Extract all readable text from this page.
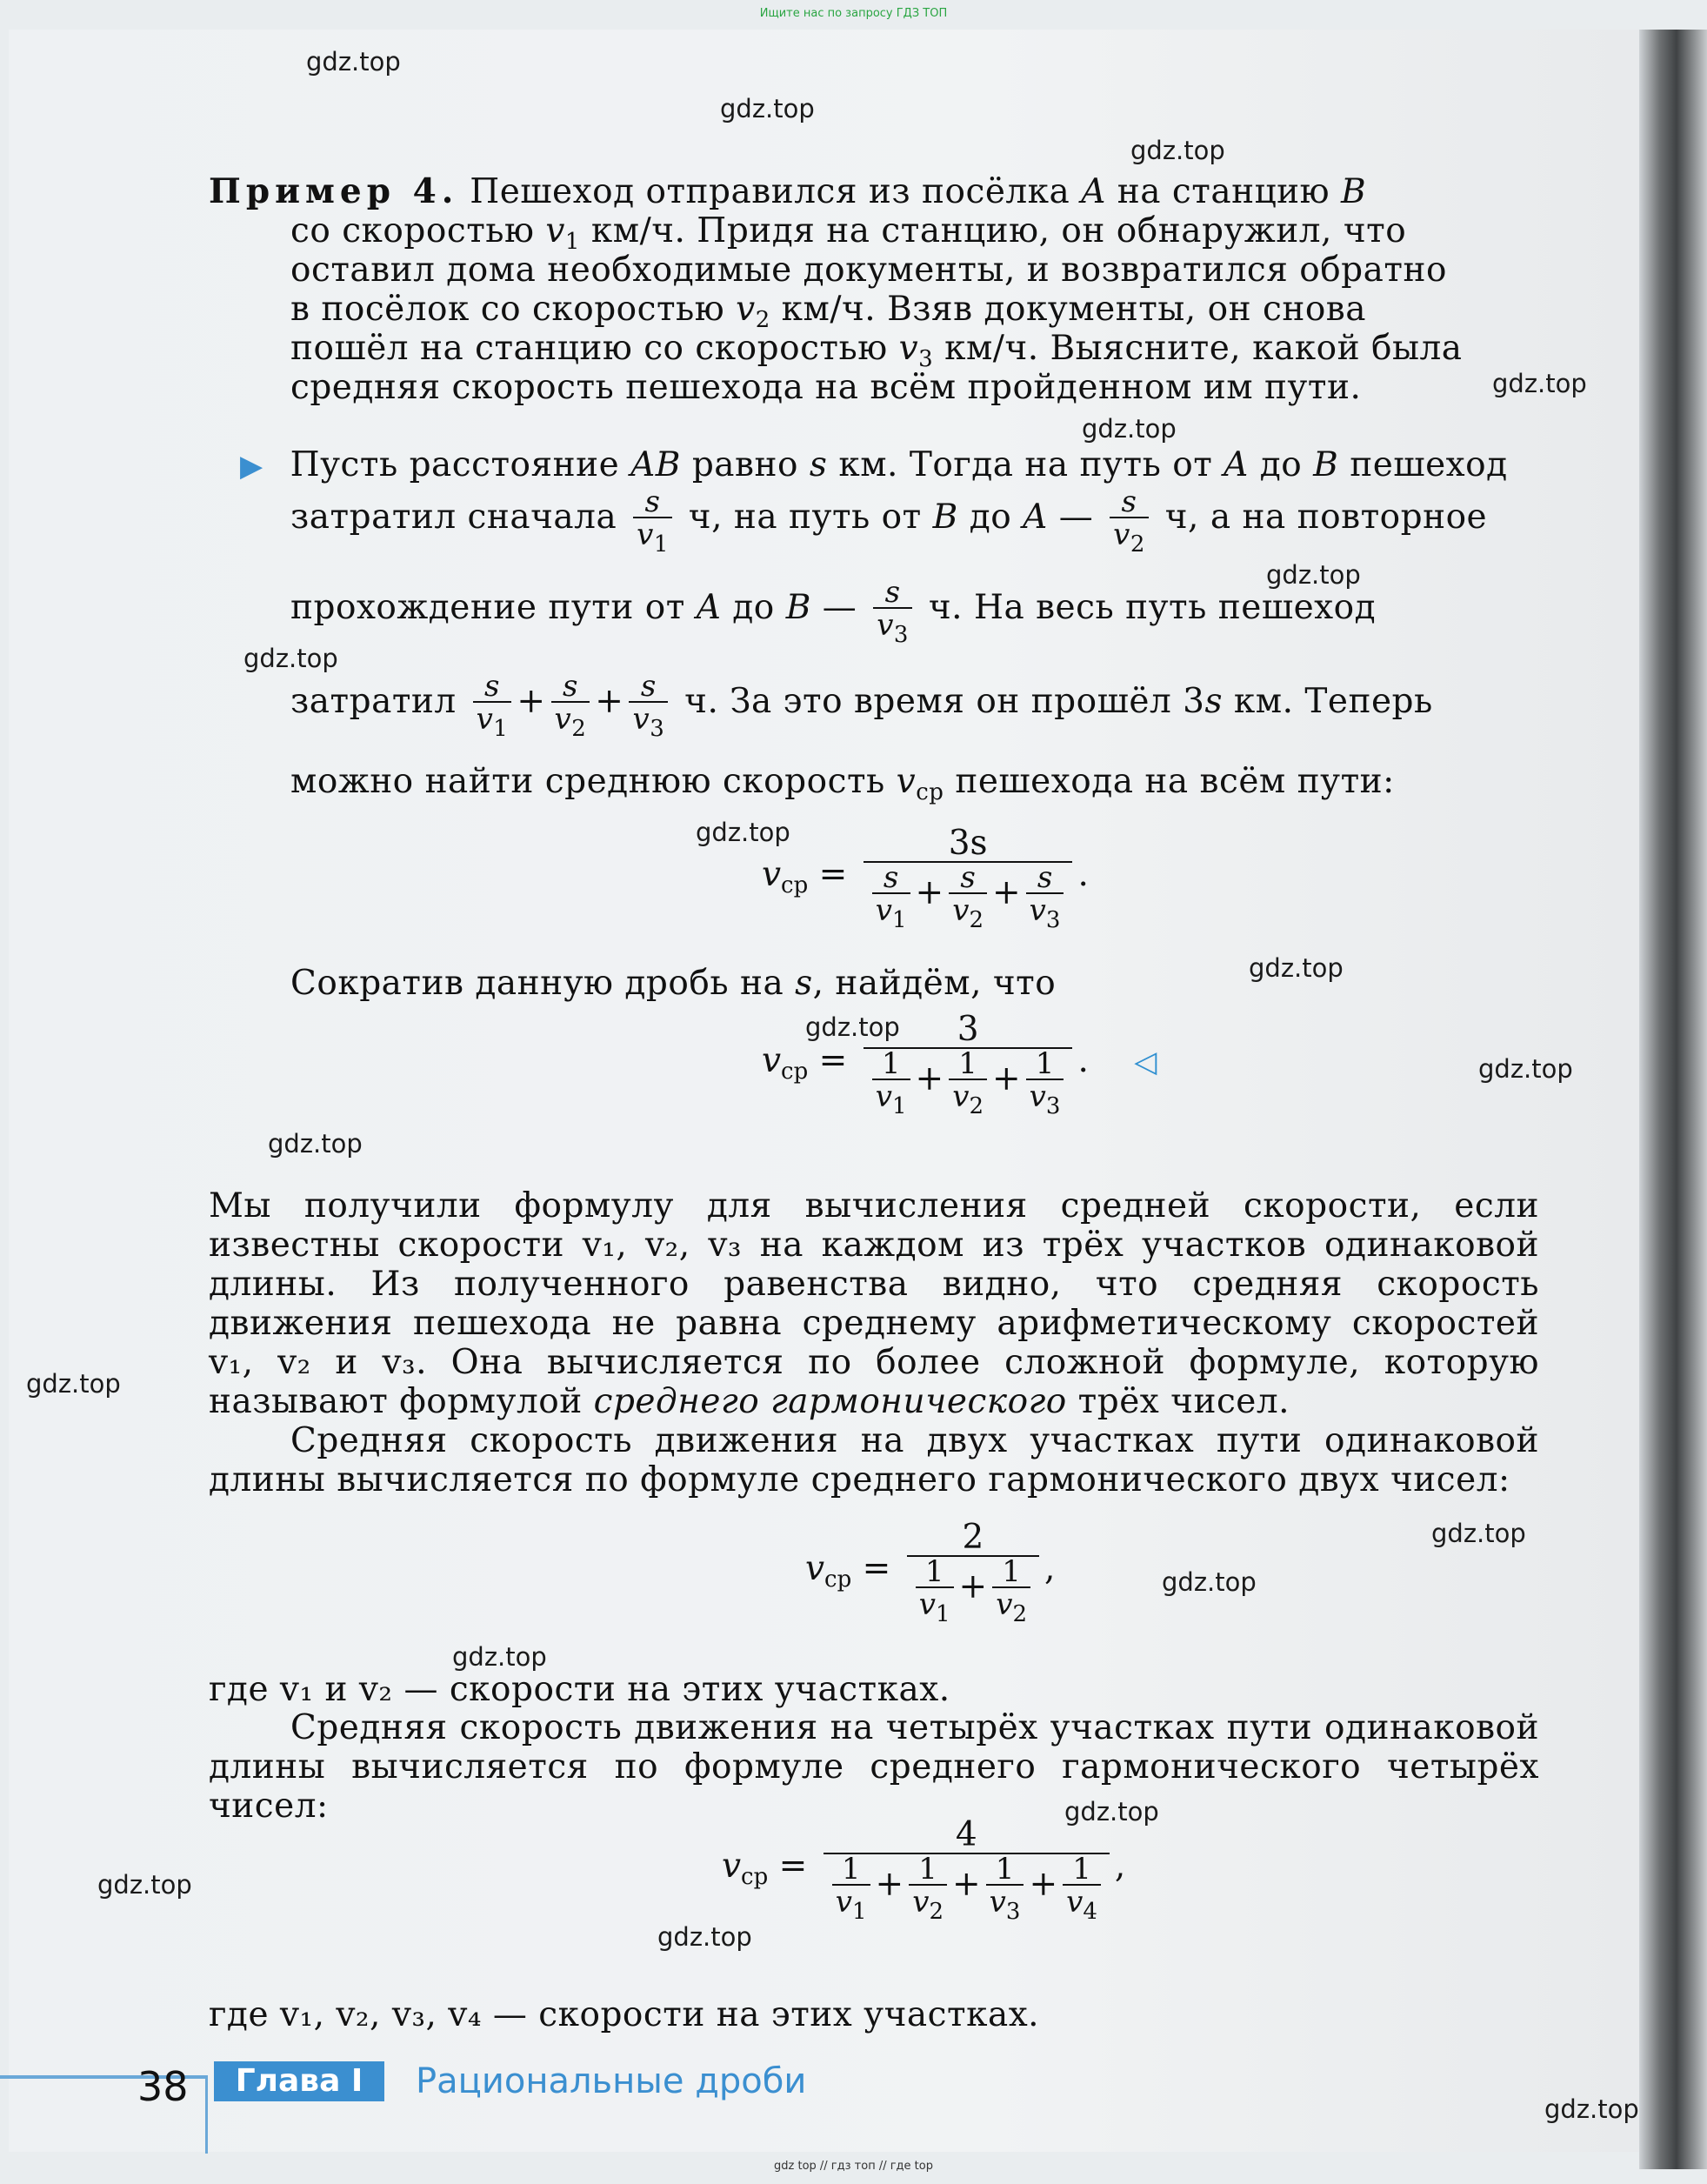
Ищите нас по запросу ГДЗ ТОП
gdz.top
gdz.top
gdz.top
gdz.top
gdz.top
gdz.top
gdz.top
gdz.top
gdz.top
gdz.top
gdz.top
gdz.top
gdz.top
gdz.top
gdz.top
gdz.top
gdz.top
gdz.top
gdz.top
gdz.top
Пример 4. Пешеход отправился из посёлка A на станцию B
со скоростью $v_1$ км/ч. Придя на станцию, он обнаружил, что
оставил дома необходимые документы, и возвратился обратно
в посёлок со скоростью $v_2$ км/ч. Взяв документы, он снова
пошёл на станцию со скоростью $v_3$ км/ч. Выясните, какой была
средняя скорость пешехода на всём пройденном им пути.
▶ Пусть расстояние AB равно s км. Тогда на путь от A до B пешеход
затратил сначала $\frac{s}{v_1} ч$, на путь от B до A — $\frac{s}{v_2} ч$, а на повторное
прохождение пути от A до B — $\frac{s}{v_3} ч$. На весь путь пешеход
затратил $\frac{s}{v_1} + \frac{s}{v_2} + \frac{s}{v_3} ч$. За это время он прошёл 3s км. Теперь
можно найти среднюю скорость $v_{ср}$ пешехода на всём пути:
$v_{ср} = \frac{3s}{\frac{s}{v_1} + \frac{s}{v_2} + \frac{s}{v_3}}$ .
Сократив данную дробь на s, найдём, что
$v_{ср} = \frac{3}{\frac{1}{v_1} + \frac{1}{v_2} + \frac{1}{v_3}}$ . ◁
Мы получили формулу для вычисления средней скорости, если известны скорости v₁, v₂, v₃ на каждом из трёх участков одинаковой длины. Из полученного равенства видно, что средняя скорость движения пешехода не равна среднему арифметическому скоростей v₁, v₂ и v₃. Она вычисляется по более сложной формуле, которую называют формулой среднего гармонического трёх чисел.
Средняя скорость движения на двух участках пути одинаковой длины вычисляется по формуле среднего гармонического двух чисел:
$v_{ср} = \frac{2}{\frac{1}{v_1} + \frac{1}{v_2}}$ ,
где v₁ и v₂ — скорости на этих участках.
Средняя скорость движения на четырёх участках пути одинаковой длины вычисляется по формуле среднего гармонического четырёх чисел:
$v_{ср} = \frac{4}{\frac{1}{v_1} + \frac{1}{v_2} + \frac{1}{v_3} + \frac{1}{v_4}}$ ,
где v₁, v₂, v₃, v₄ — скорости на этих участках.
38	Глава I	Рациональные дроби
gdz top // гдз топ // где top
